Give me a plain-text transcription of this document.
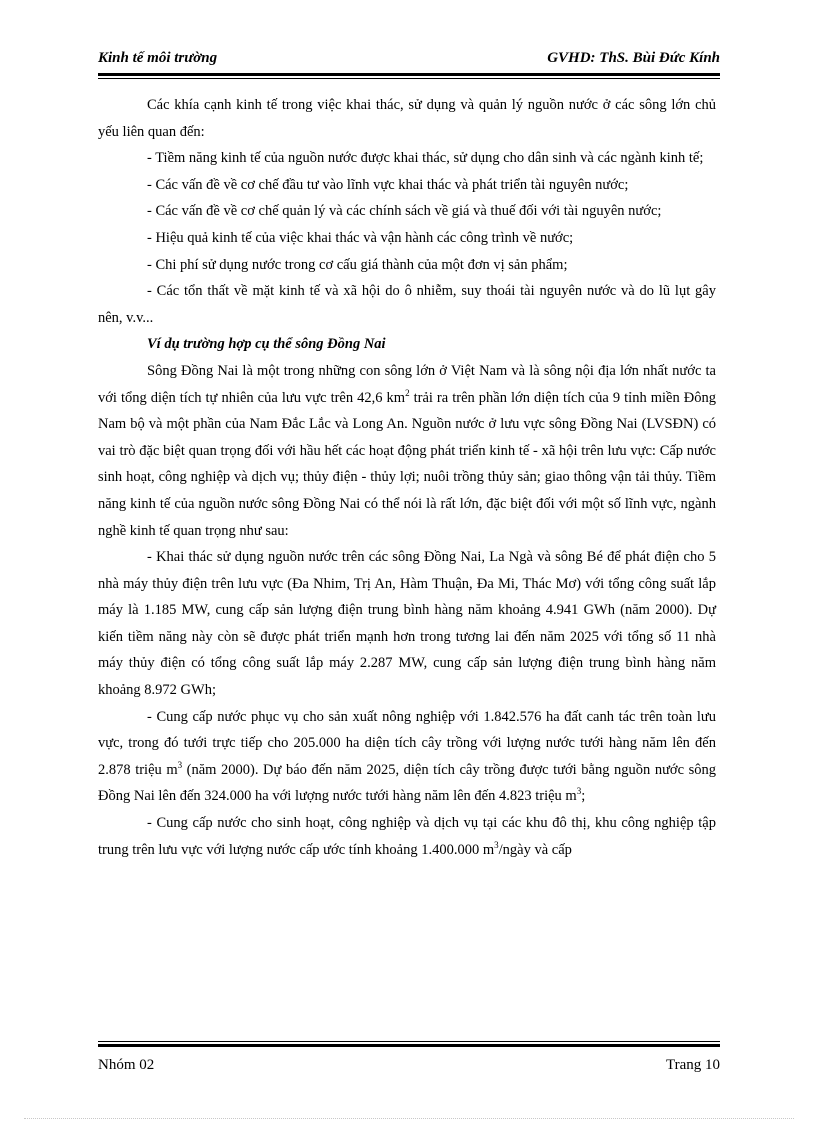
Kinh tế môi trường	GVHD: ThS. Bùi Đức Kính

Các khía cạnh kinh tế trong việc khai thác, sử dụng và quản lý nguồn nước ở các sông lớn chủ yếu liên quan đến:

- Tiềm năng kinh tế của nguồn nước được khai thác, sử dụng cho dân sinh và các ngành kinh tế;

- Các vấn đề về cơ chế đầu tư vào lĩnh vực khai thác và phát triển tài nguyên nước;

- Các vấn đề về cơ chế quản lý và các chính sách về giá và thuế đối với tài nguyên nước;

- Hiệu quả kinh tế của việc khai thác và vận hành các công trình về nước;

- Chi phí sử dụng nước trong cơ cấu giá thành của một đơn vị sản phẩm;

- Các tổn thất về mặt kinh tế và xã hội do ô nhiễm, suy thoái tài nguyên nước và do lũ lụt gây nên, v.v...

Ví dụ trường hợp cụ thể sông Đồng Nai

Sông Đồng Nai là một trong những con sông lớn ở Việt Nam và là sông nội địa lớn nhất nước ta với tổng diện tích tự nhiên của lưu vực trên 42,6 $km^2$ trải ra trên phần lớn diện tích của 9 tỉnh miền Đông Nam bộ và một phần của Nam Đắc Lắc và Long An. Nguồn nước ở lưu vực sông Đồng Nai (LVSĐN) có vai trò đặc biệt quan trọng đối với hầu hết các hoạt động phát triển kinh tế - xã hội trên lưu vực: Cấp nước sinh hoạt, công nghiệp và dịch vụ; thủy điện - thủy lợi; nuôi trồng thủy sản; giao thông vận tải thủy. Tiềm năng kinh tế của nguồn nước sông Đồng Nai có thể nói là rất lớn, đặc biệt đối với một số lĩnh vực, ngành nghề kinh tế quan trọng như sau:

- Khai thác sử dụng nguồn nước trên các sông Đồng Nai, La Ngà và sông Bé để phát điện cho 5 nhà máy thủy điện trên lưu vực (Đa Nhim, Trị An, Hàm Thuận, Đa Mi, Thác Mơ) với tổng công suất lắp máy là 1.185 MW, cung cấp sản lượng điện trung bình hàng năm khoảng 4.941 GWh (năm 2000). Dự kiến tiềm năng này còn sẽ được phát triển mạnh hơn trong tương lai đến năm 2025 với tổng số 11 nhà máy thủy điện có tổng công suất lắp máy 2.287 MW, cung cấp sản lượng điện trung bình hàng năm khoảng 8.972 GWh;

- Cung cấp nước phục vụ cho sản xuất nông nghiệp với 1.842.576 ha đất canh tác trên toàn lưu vực, trong đó tưới trực tiếp cho 205.000 ha diện tích cây trồng với lượng nước tưới hàng năm lên đến 2.878 triệu $m^3$ (năm 2000). Dự báo đến năm 2025, diện tích cây trồng được tưới bằng nguồn nước sông Đồng Nai lên đến 324.000 ha với lượng nước tưới hàng năm lên đến 4.823 triệu $m^3$;

- Cung cấp nước cho sinh hoạt, công nghiệp và dịch vụ tại các khu đô thị, khu công nghiệp tập trung trên lưu vực với lượng nước cấp ước tính khoảng 1.400.000 $m^3$/ngày và cấp

Nhóm 02	Trang 10
